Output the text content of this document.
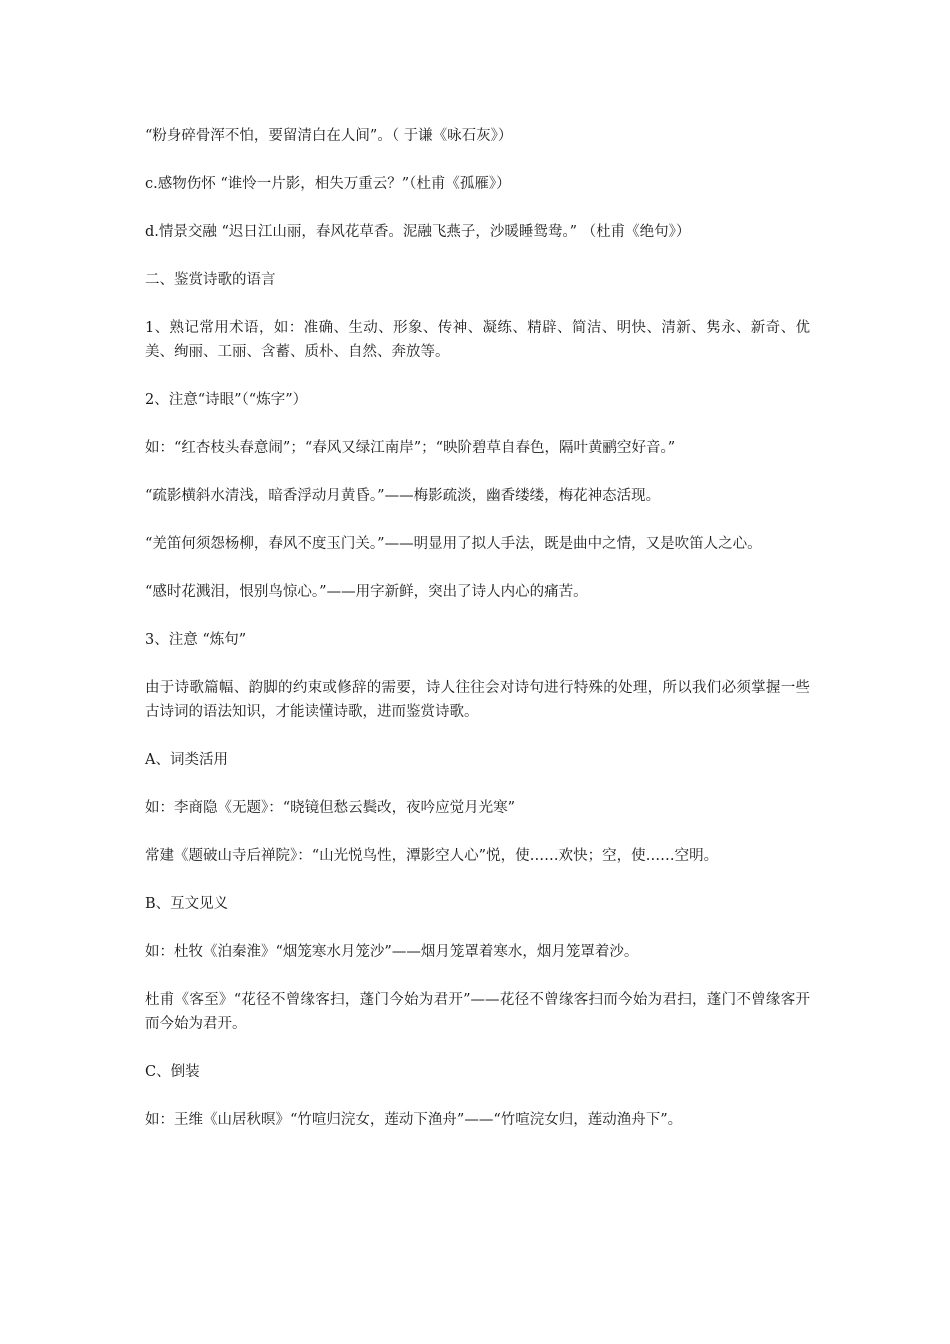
“粉身碎骨浑不怕，要留清白在人间”。（ 于谦《咏石灰》）

c.感物伤怀 “谁怜一片影，相失万重云？”（杜甫《孤雁》）

d.情景交融 “迟日江山丽，春风花草香。泥融飞燕子，沙暖睡鸳鸯。” （杜甫《绝句》）

二、鉴赏诗歌的语言

1、熟记常用术语，如：准确、生动、形象、传神、凝练、精辟、简洁、明快、清新、隽永、新奇、优美、绚丽、工丽、含蓄、质朴、自然、奔放等。

2、注意“诗眼”（“炼字”）

如：“红杏枝头春意闹”；“春风又绿江南岸”；“映阶碧草自春色，隔叶黄鹂空好音。”

“疏影横斜水清浅，暗香浮动月黄昏。”——梅影疏淡，幽香缕缕，梅花神态活现。

“羌笛何须怨杨柳，春风不度玉门关。”——明显用了拟人手法，既是曲中之情，又是吹笛人之心。

“感时花溅泪，恨别鸟惊心。”——用字新鲜，突出了诗人内心的痛苦。

3、注意 “炼句”

由于诗歌篇幅、韵脚的约束或修辞的需要，诗人往往会对诗句进行特殊的处理，所以我们必须掌握一些古诗词的语法知识，才能读懂诗歌，进而鉴赏诗歌。

A、词类活用

如：李商隐《无题》：“晓镜但愁云鬓改，夜吟应觉月光寒”

常建《题破山寺后禅院》：“山光悦鸟性，潭影空人心”悦，使……欢快；空，使……空明。

B、互文见义

如：杜牧《泊秦淮》“烟笼寒水月笼沙”——烟月笼罩着寒水，烟月笼罩着沙。

杜甫《客至》“花径不曾缘客扫，蓬门今始为君开”——花径不曾缘客扫而今始为君扫，蓬门不曾缘客开而今始为君开。

C、倒装

如：王维《山居秋暝》“竹喧归浣女，莲动下渔舟”——“竹喧浣女归，莲动渔舟下”。
